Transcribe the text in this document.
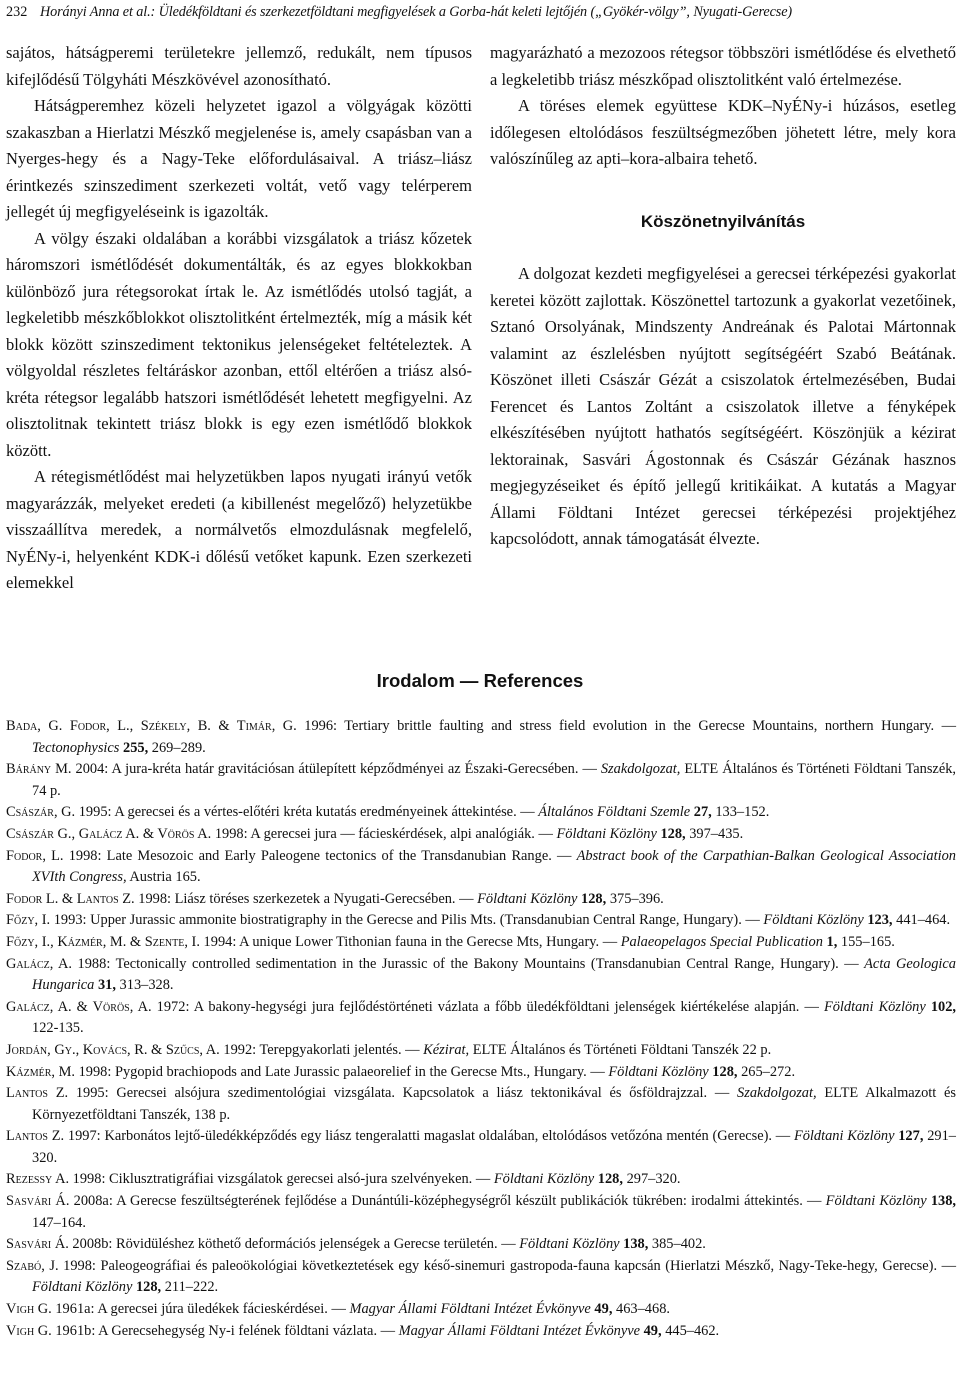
232 Horányi Anna et al.: Üledékföldtani és szerkezetföldtani megfigyelések a Gorba-hát keleti lejtőjén („Gyökér-völgy”, Nyugati-Gerecse)

sajátos, hátságperemi területekre jellemző, redukált, nem típusos kifejlődésű Tölgyháti Mészkövével azonosítható.

Hátságperemhez közeli helyzetet igazol a völgyágak közötti szakaszban a Hierlatzi Mészkő megjelenése is, amely csapásban van a Nyerges-hegy és a Nagy-Teke előfordulásaival. A triász–liász érintkezés szinszediment szerkezeti voltát, vető vagy telérperem jellegét új megfigyeléseink is igazolták.

A völgy északi oldalában a korábbi vizsgálatok a triász kőzetek háromszori ismétlődését dokumentálták, és az egyes blokkokban különböző jura rétegsorokat írtak le. Az ismétlődés utolsó tagját, a legkeletibb mészkőblokkot olisztolitként értelmezték, míg a másik két blokk között szinszediment tektonikus jelenségeket feltételeztek. A völgyoldal részletes feltáráskor azonban, ettől eltérően a triász alsó-kréta rétegsor legalább hatszori ismétlődését lehetett megfigyelni. Az olisztolitnak tekintett triász blokk is egy ezen ismétlődő blokkok között.

A rétegismétlődést mai helyzetükben lapos nyugati irányú vetők magyarázzák, melyeket eredeti (a kibillenést megelőző) helyzetükbe visszaállítva meredek, a normálvetős elmozdulásnak megfelelő, NyÉNy-i, helyenként KDK-i dőlésű vetőket kapunk. Ezen szerkezeti elemekkel

magyarázható a mezozoos rétegsor többszöri ismétlődése és elvethető a legkeletibb triász mészkőpad olisztolitként való értelmezése.

A töréses elemek együttese KDK–NyÉNy-i húzásos, esetleg időlegesen eltolódásos feszültségmezőben jöhetett létre, mely kora valószínűleg az apti–kora-albaira tehető.

Köszönetnyilvánítás

A dolgozat kezdeti megfigyelései a gerecsei térképezési gyakorlat keretei között zajlottak. Köszönettel tartozunk a gyakorlat vezetőinek, Sztanó Orsolyának, Mindszenty Andreának és Palotai Mártonnak valamint az észlelésben nyújtott segítségéért Szabó Beátának. Köszönet illeti Császár Gézát a csiszolatok értelmezésében, Budai Ferencet és Lantos Zoltánt a csiszolatok illetve a fényképek elkészítésében nyújtott hathatós segítségéért. Köszönjük a kézirat lektorainak, Sasvári Ágostonnak és Császár Gézának hasznos megjegyzéseiket és építő jellegű kritikáikat. A kutatás a Magyar Állami Földtani Intézet gerecsei térképezési projektjéhez kapcsolódott, annak támogatását élvezte.

Irodalom — References

Bada, G. Fodor, L., Székely, B. & Timár, G. 1996: Tertiary brittle faulting and stress field evolution in the Gerecse Mountains, northern Hungary. — Tectonophysics 255, 269–289.

Bárány M. 2004: A jura-kréta határ gravitációsan átülepített képződményei az Északi-Gerecsében. — Szakdolgozat, ELTE Általános és Történeti Földtani Tanszék, 74 p.

Császár, G. 1995: A gerecsei és a vértes-előtéri kréta kutatás eredményeinek áttekintése. — Általános Földtani Szemle 27, 133–152.

Császár G., Galácz A. & Vörös A. 1998: A gerecsei jura — fácieskérdések, alpi analógiák. — Földtani Közlöny 128, 397–435.

Fodor, L. 1998: Late Mesozoic and Early Paleogene tectonics of the Transdanubian Range. — Abstract book of the Carpathian-Balkan Geological Association XVIth Congress, Austria 165.

Fodor L. & Lantos Z. 1998: Liász töréses szerkezetek a Nyugati-Gerecsében. — Földtani Közlöny 128, 375–396.

Főzy, I. 1993: Upper Jurassic ammonite biostratigraphy in the Gerecse and Pilis Mts. (Transdanubian Central Range, Hungary). — Földtani Közlöny 123, 441–464.

Főzy, I., Kázmér, M. & Szente, I. 1994: A unique Lower Tithonian fauna in the Gerecse Mts, Hungary. — Palaeopelagos Special Publication 1, 155–165.

Galácz, A. 1988: Tectonically controlled sedimentation in the Jurassic of the Bakony Mountains (Transdanubian Central Range, Hungary). — Acta Geologica Hungarica 31, 313–328.

Galácz, A. & Vörös, A. 1972: A bakony-hegységi jura fejlődéstörténeti vázlata a főbb üledékföldtani jelenségek kiértékelése alapján. — Földtani Közlöny 102, 122-135.

Jordán, Gy., Kovács, R. & Szűcs, A. 1992: Terepgyakorlati jelentés. — Kézirat, ELTE Általános és Történeti Földtani Tanszék 22 p.

Kázmér, M. 1998: Pygopid brachiopods and Late Jurassic palaeorelief in the Gerecse Mts., Hungary. — Földtani Közlöny 128, 265–272.

Lantos Z. 1995: Gerecsei alsójura szedimentológiai vizsgálata. Kapcsolatok a liász tektonikával és ősföldrajzzal. — Szakdolgozat, ELTE Alkalmazott és Környezetföldtani Tanszék, 138 p.

Lantos Z. 1997: Karbonátos lejtő-üledékképződés egy liász tengeralatti magaslat oldalában, eltolódásos vetőzóna mentén (Gerecse). — Földtani Közlöny 127, 291–320.

Rezessy A. 1998: Ciklusztratigráfiai vizsgálatok gerecsei alsó-jura szelvényeken. — Földtani Közlöny 128, 297–320.

Sasvári Á. 2008a: A Gerecse feszültségterének fejlődése a Dunántúli-középhegységről készült publikációk tükrében: irodalmi áttekintés. — Földtani Közlöny 138, 147–164.

Sasvári Á. 2008b: Rövidüléshez köthető deformációs jelenségek a Gerecse területén. — Földtani Közlöny 138, 385–402.

Szabó, J. 1998: Paleogeográfiai és paleoökológiai következtetések egy késő-sinemuri gastropoda-fauna kapcsán (Hierlatzi Mészkő, Nagy-Teke-hegy, Gerecse). — Földtani Közlöny 128, 211–222.

Vigh G. 1961a: A gerecsei júra üledékek fácieskérdései. — Magyar Állami Földtani Intézet Évkönyve 49, 463–468.

Vigh G. 1961b: A Gerecsehegység Ny-i felének földtani vázlata. — Magyar Állami Földtani Intézet Évkönyve 49, 445–462.
